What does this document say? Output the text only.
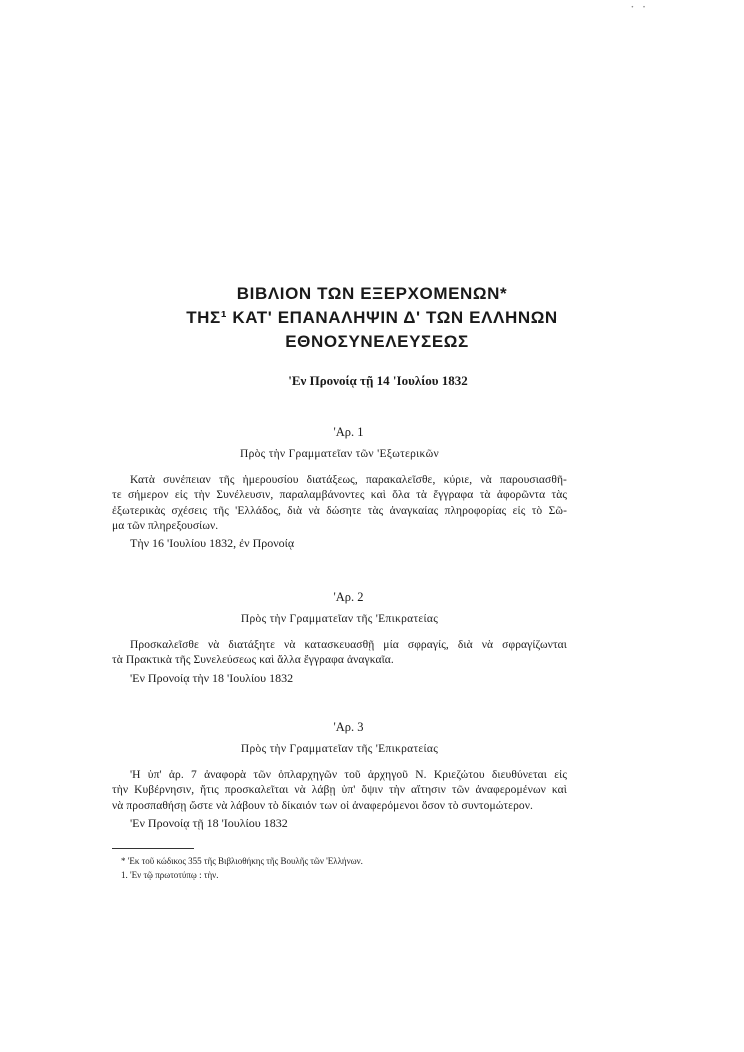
· ·

ΒΙΒΛΙΟΝ ΤΩΝ ΕΞΕΡΧΟΜΕΝΩΝ*

ΤΗΣ¹ ΚΑΤ' ΕΠΑΝΑΛΗΨΙΝ Δ' ΤΩΝ ΕΛΛΗΝΩΝ

ΕΘΝΟΣΥΝΕΛΕΥΣΕΩΣ

'Εν Προνοίᾳ τῇ 14 'Ιουλίου 1832

'Αρ. 1

Πρὸς τὴν Γραμματεῖαν τῶν 'Εξωτερικῶν

Κατὰ συνέπειαν τῆς ἡμερουσίου διατάξεως, παρακαλεῖσθε, κύριε, νὰ παρουσιασθῆ-
τε σήμερον εἰς τὴν Συνέλευσιν, παραλαμβάνοντες καὶ ὅλα τὰ ἔγγραφα τὰ ἀφορῶντα τὰς
ἐξωτερικὰς σχέσεις τῆς 'Ελλάδος, διὰ νὰ δώσητε τὰς ἀναγκαίας πληροφορίας εἰς τὸ Σῶ-
μα τῶν πληρεξουσίων.

Τὴν 16 'Ιουλίου 1832, ἐν Προνοίᾳ

'Αρ. 2

Πρὸς τὴν Γραμματεῖαν τῆς 'Επικρατείας

Προσκαλεῖσθε νὰ διατάξητε νὰ κατασκευασθῇ μία σφραγίς, διὰ νὰ σφραγίζωνται
τὰ Πρακτικὰ τῆς Συνελεύσεως καὶ ἄλλα ἔγγραφα ἀναγκαῖα.

'Εν Προνοίᾳ τὴν 18 'Ιουλίου 1832

'Αρ. 3

Πρὸς τὴν Γραμματεῖαν τῆς 'Επικρατείας

'Η ὑπ' ἀρ. 7 ἀναφορὰ τῶν ὁπλαρχηγῶν τοῦ ἀρχηγοῦ Ν. Κριεζώτου διευθύνεται εἰς
τὴν Κυβέρνησιν, ἥτις προσκαλεῖται νὰ λάβῃ ὑπ' ὄψιν τὴν αἴτησιν τῶν ἀναφερομένων καὶ
νὰ προσπαθήσῃ ὥστε νὰ λάβουν τὸ δίκαιόν των οἱ ἀναφερόμενοι ὅσον τὸ συντομώτερον.

'Εν Προνοίᾳ τῇ 18 'Ιουλίου 1832

* 'Εκ τοῦ κώδικος 355 τῆς Βιβλιοθήκης τῆς Βουλῆς τῶν 'Ελλήνων.

1. 'Εν τῷ πρωτοτύπῳ : τὴν.
